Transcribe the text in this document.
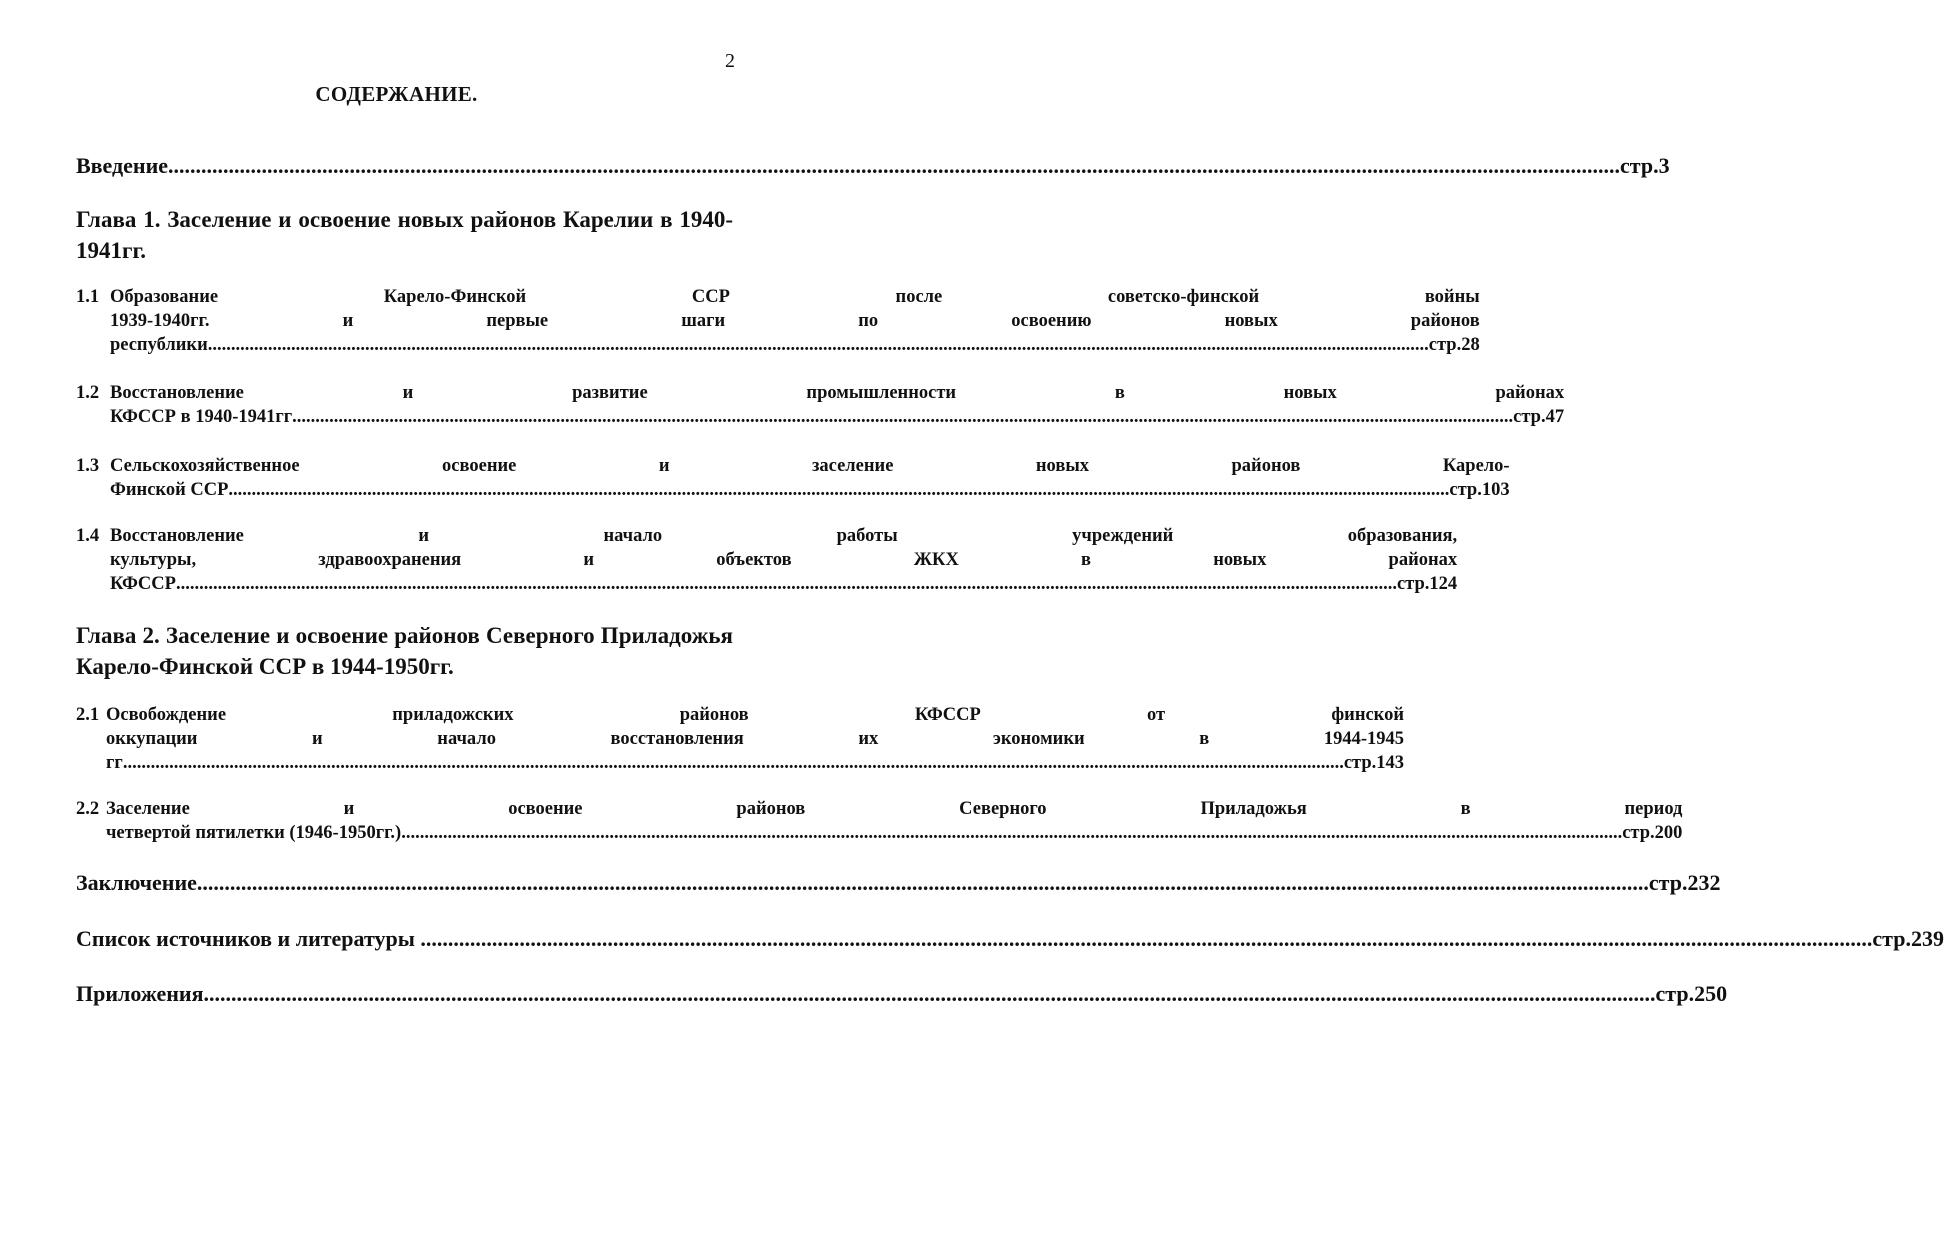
2
СОДЕРЖАНИЕ.
Введение .....	стр.3
Глава 1. Заселение и освоение новых районов Карелии в 1940-
1941гг.
1.1 Образование Карело-Финской ССР после советско-финской войны
1939-1940гг. и первые шаги по освоению новых районов
республики .....	стр.28
1.2 Восстановление и развитие промышленности в новых районах
КФССР в 1940-1941гг .....	стр.47
1.3 Сельскохозяйственное освоение и заселение новых районов Карело-
Финской ССР .....	стр.103
1.4 Восстановление и начало работы учреждений образования,
культуры, здравоохранения и объектов ЖКХ в новых районах
КФССР .....	стр.124
Глава 2. Заселение и освоение районов Северного Приладожья
Карело-Финской ССР в 1944-1950гг.
2.1 Освобождение приладожских районов КФССР от финской
оккупации и начало восстановления их экономики в 1944-1945
гг .....	стр.143
2.2 Заселение и освоение районов Северного Приладожья в период
четвертой пятилетки (1946-1950гг.) .....	стр.200
Заключение .....	стр.232
Список источников и литературы .....	стр.239
Приложения .....	стр.250
